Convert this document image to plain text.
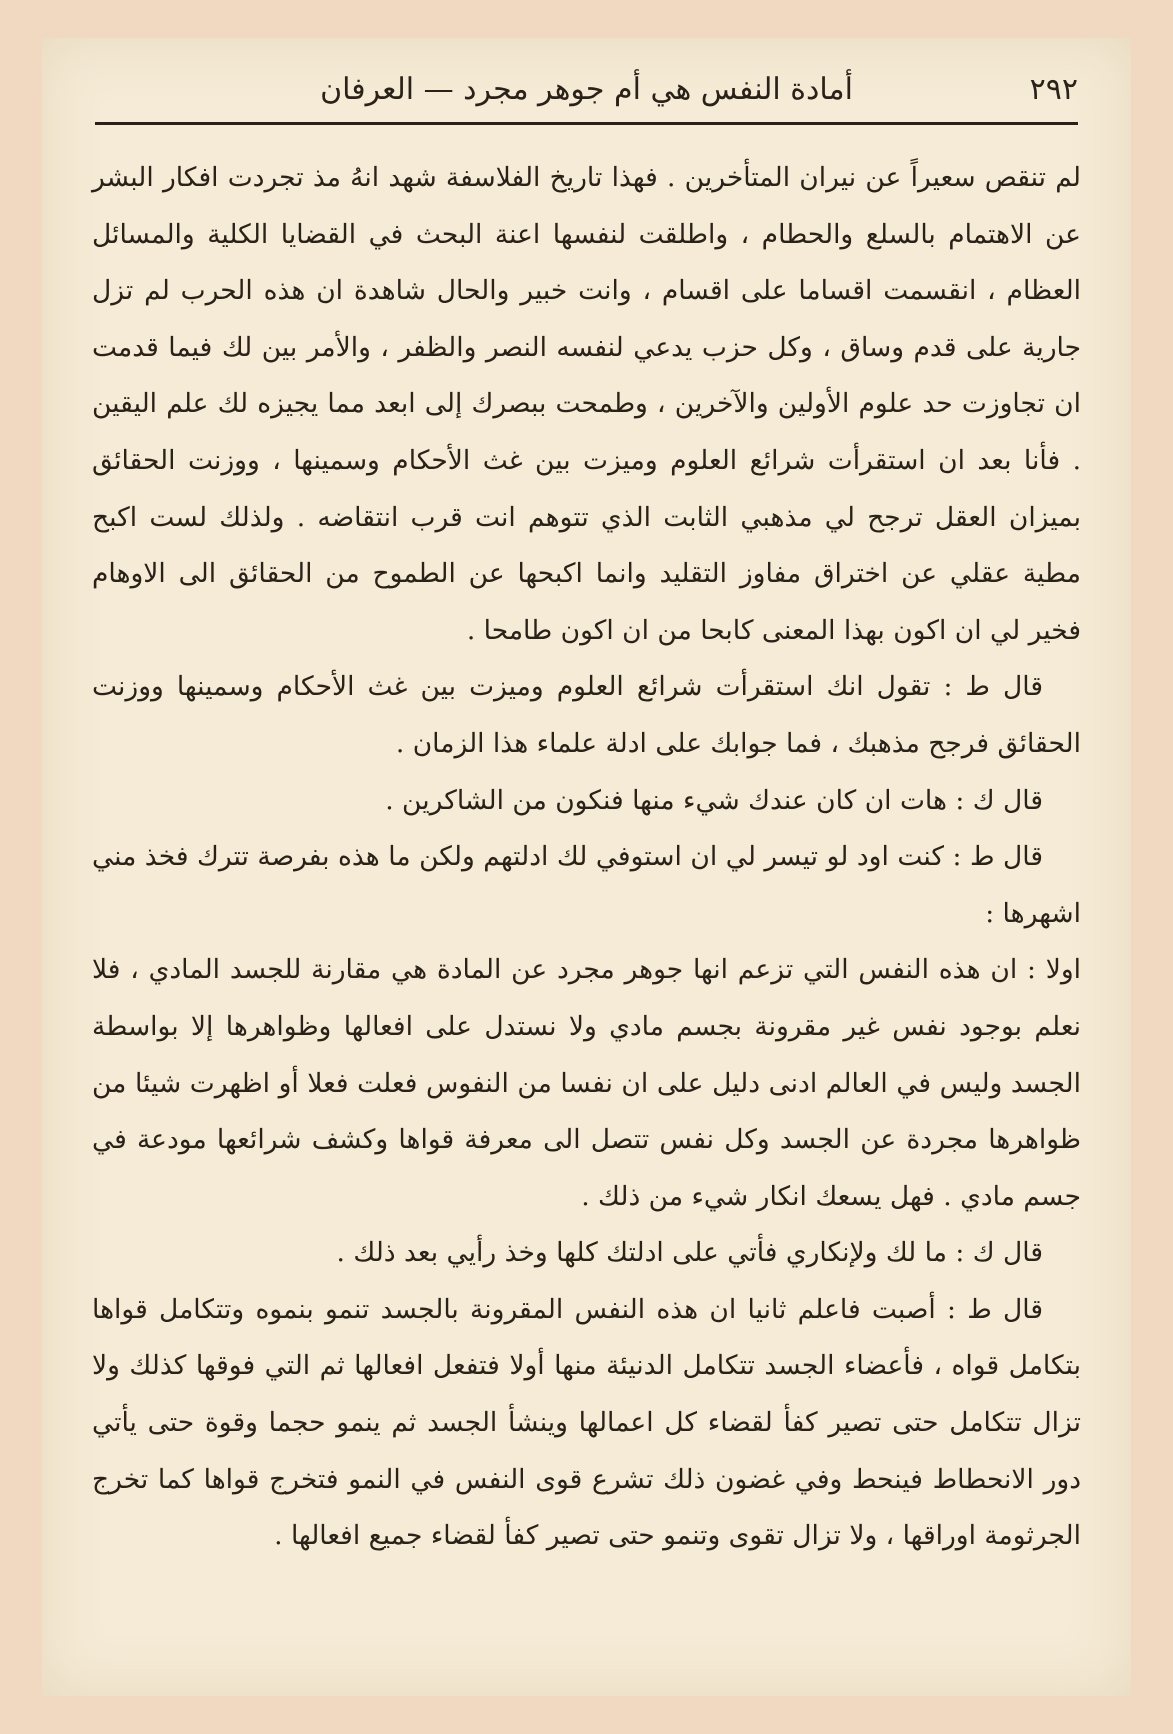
٢٩٢
أمادة النفس هي أم جوهر مجرد — العرفان

لم تنقص سعيراً عن نيران المتأخرين . فهذا تاريخ الفلاسفة شهد انهُ مذ تجردت افكار البشر عن الاهتمام بالسلع والحطام ، واطلقت لنفسها اعنة البحث في القضايا الكلية والمسائل العظام ، انقسمت اقساما على اقسام ، وانت خبير والحال شاهدة ان هذه الحرب لم تزل جارية على قدم وساق ، وكل حزب يدعي لنفسه النصر والظفر ، والأمر بين لك فيما قدمت ان تجاوزت حد علوم الأولين والآخرين ، وطمحت ببصرك إلى ابعد مما يجيزه لك علم اليقين . فأنا بعد ان استقرأت شرائع العلوم وميزت بين غث الأحكام وسمينها ، ووزنت الحقائق بميزان العقل ترجح لي مذهبي الثابت الذي تتوهم انت قرب انتقاضه . ولذلك لست اكبح مطية عقلي عن اختراق مفاوز التقليد وانما اكبحها عن الطموح من الحقائق الى الاوهام فخير لي ان اكون بهذا المعنى كابحا من ان اكون طامحا .

قال ط : تقول انك استقرأت شرائع العلوم وميزت بين غث الأحكام وسمينها ووزنت الحقائق فرجح مذهبك ، فما جوابك على ادلة علماء هذا الزمان .

قال ك : هات ان كان عندك شيء منها فنكون من الشاكرين .

قال ط : كنت اود لو تيسر لي ان استوفي لك ادلتهم ولكن ما هذه بفرصة تترك فخذ مني اشهرها :

اولا : ان هذه النفس التي تزعم انها جوهر مجرد عن المادة هي مقارنة للجسد المادي ، فلا نعلم بوجود نفس غير مقرونة بجسم مادي ولا نستدل على افعالها وظواهرها إلا بواسطة الجسد وليس في العالم ادنى دليل على ان نفسا من النفوس فعلت فعلا أو اظهرت شيئا من ظواهرها مجردة عن الجسد وكل نفس تتصل الى معرفة قواها وكشف شرائعها مودعة في جسم مادي . فهل يسعك انكار شيء من ذلك .

قال ك : ما لك ولإنكاري فأتي على ادلتك كلها وخذ رأيي بعد ذلك .

قال ط : أصبت فاعلم ثانيا ان هذه النفس المقرونة بالجسد تنمو بنموه وتتكامل قواها بتكامل قواه ، فأعضاء الجسد تتكامل الدنيئة منها أولا فتفعل افعالها ثم التي فوقها كذلك ولا تزال تتكامل حتى تصير كفأ لقضاء كل اعمالها وينشأ الجسد ثم ينمو حجما وقوة حتى يأتي دور الانحطاط فينحط وفي غضون ذلك تشرع قوى النفس في النمو فتخرج قواها كما تخرج الجرثومة اوراقها ، ولا تزال تقوى وتنمو حتى تصير كفأ لقضاء جميع افعالها .
